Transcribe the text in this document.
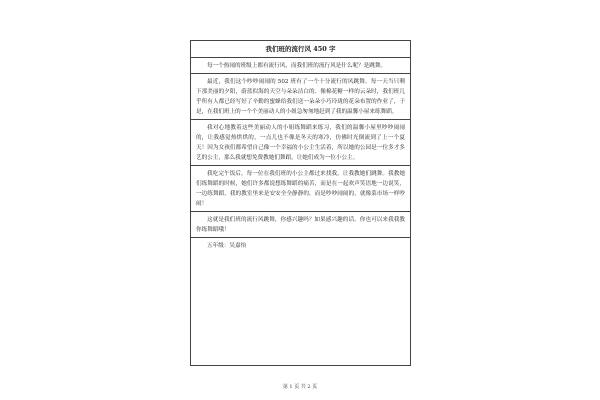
我们班的流行风 450 字
每一个热闹的班级上都有流行风，而我们班的流行风是什么呢？是跳舞。
最近，我们这个吵吵闹闹的 502 班有了一个十分流行的风跳舞。每一天当只剩下那美丽的夕阳，蔚蓝似海的天空与朵朵洁白的、像棉花糖一样的云朵时，我们班几乎所有人都已经写好了辛勤的蜜蜂给我们送一朵朵小巧玲珑的花朵布置的作业了，于是，在我们班上的一个个美丽动人的小姐急匆匆地赶到了我的温馨小屋来练舞蹈。
我对心地教着这些美丽动人的小姐练舞蹈来练习，我们的温馨小屋里吵吵闹闹的，让我感觉热烘烘的，一点儿也不像是冬天的寒冷，仿佛时光倒流到了上一个夏天！因为女孩们都希望自己像一个幸福的小公主生活着，所以她的公园是一位多才多艺的公主，那么我就想免费教她们舞蹈，让她们成为一位小公主。
我吃完午饭后，每一位在我们班的小公主都过来找我，让我教她们跳舞。我教她们练舞蹈的时候，她们许多都说想练舞蹈的痛苦，而是在一起欢声笑语地一边说笑，一边练舞蹈，我的教室里来是安安全全静静的，而是吵吵闹闹的，就像菜市场一样吵闹！
这就是我们班的流行风跳舞，你感兴趣吗？如果感兴趣的话，你也可以来我我教你练舞蹈哦！
五年级：吴嘉怡
第 1 页 共 2 页
